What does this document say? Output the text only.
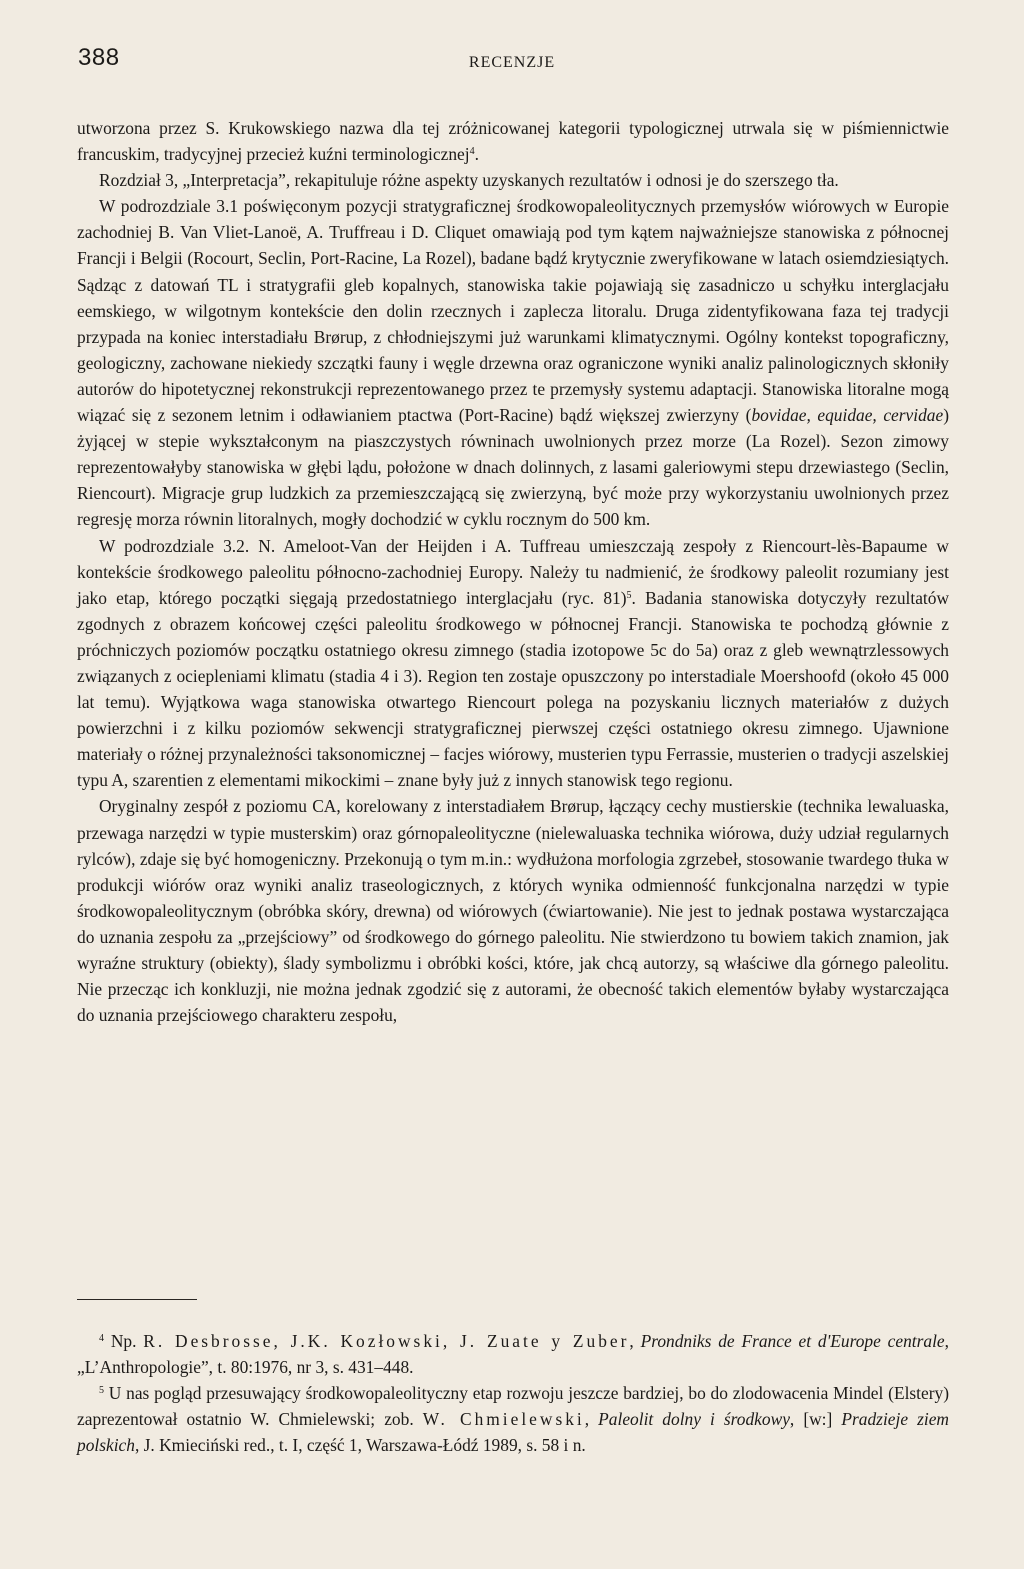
388	RECENZJE

utworzona przez S. Krukowskiego nazwa dla tej zróżnicowanej kategorii typologicznej utrwala się w piśmiennictwie francuskim, tradycyjnej przecież kuźni terminologicznej$^4$.

Rozdział 3, „Interpretacja”, rekapituluje różne aspekty uzyskanych rezultatów i odnosi je do szerszego tła.

W podrozdziale 3.1 poświęconym pozycji stratygraficznej środkowopaleolitycznych przemysłów wiórowych w Europie zachodniej B. Van Vliet-Lanoë, A. Truffreau i D. Cliquet omawiają pod tym kątem najważniejsze stanowiska z północnej Francji i Belgii (Rocourt, Seclin, Port-Racine, La Rozel), badane bądź krytycznie zweryfikowane w latach osiemdziesiątych. Sądząc z datowań TL i stratygrafii gleb kopalnych, stanowiska takie pojawiają się zasadniczo u schyłku interglacjału eemskiego, w wilgotnym kontekście den dolin rzecznych i zaplecza litoralu. Druga zidentyfikowana faza tej tradycji przypada na koniec interstadiału Brørup, z chłodniejszymi już warunkami klimatycznymi. Ogólny kontekst topograficzny, geologiczny, zachowane niekiedy szczątki fauny i węgle drzewna oraz ograniczone wyniki analiz palinologicznych skłoniły autorów do hipotetycznej rekonstrukcji reprezentowanego przez te przemysły systemu adaptacji. Stanowiska litoralne mogą wiązać się z sezonem letnim i odławianiem ptactwa (Port-Racine) bądź większej zwierzyny (bovidae, equidae, cervidae) żyjącej w stepie wykształconym na piaszczystych równinach uwolnionych przez morze (La Rozel). Sezon zimowy reprezentowałyby stanowiska w głębi lądu, położone w dnach dolinnych, z lasami galeriowymi stepu drzewiastego (Seclin, Riencourt). Migracje grup ludzkich za przemieszczającą się zwierzyną, być może przy wykorzystaniu uwolnionych przez regresję morza równin litoralnych, mogły dochodzić w cyklu rocznym do 500 km.

W podrozdziale 3.2. N. Ameloot-Van der Heijden i A. Tuffreau umieszczają zespoły z Riencourt-lès-Bapaume w kontekście środkowego paleolitu północno-zachodniej Europy. Należy tu nadmienić, że środkowy paleolit rozumiany jest jako etap, którego początki sięgają przedostatniego interglacjału (ryc. 81)$^5$. Badania stanowiska dotyczyły rezultatów zgodnych z obrazem końcowej części paleolitu środkowego w północnej Francji. Stanowiska te pochodzą głównie z próchniczych poziomów początku ostatniego okresu zimnego (stadia izotopowe 5c do 5a) oraz z gleb wewnątrzlessowych związanych z ociepleniami klimatu (stadia 4 i 3). Region ten zostaje opuszczony po interstadiale Moershoofd (około 45 000 lat temu). Wyjątkowa waga stanowiska otwartego Riencourt polega na pozyskaniu licznych materiałów z dużych powierzchni i z kilku poziomów sekwencji stratygraficznej pierwszej części ostatniego okresu zimnego. Ujawnione materiały o różnej przynależności taksonomicznej – facjes wiórowy, musterien typu Ferrassie, musterien o tradycji aszelskiej typu A, szarentien z elementami mikockimi – znane były już z innych stanowisk tego regionu.

Oryginalny zespół z poziomu CA, korelowany z interstadiałem Brørup, łączący cechy mustierskie (technika lewaluaska, przewaga narzędzi w typie musterskim) oraz górnopaleolityczne (nielewaluaska technika wiórowa, duży udział regularnych rylców), zdaje się być homogeniczny. Przekonują o tym m.in.: wydłużona morfologia zgrzebeł, stosowanie twardego tłuka w produkcji wiórów oraz wyniki analiz traseologicznych, z których wynika odmienność funkcjonalna narzędzi w typie środkowopaleolitycznym (obróbka skóry, drewna) od wiórowych (ćwiartowanie). Nie jest to jednak postawa wystarczająca do uznania zespołu za „przejściowy” od środkowego do górnego paleolitu. Nie stwierdzono tu bowiem takich znamion, jak wyraźne struktury (obiekty), ślady symbolizmu i obróbki kości, które, jak chcą autorzy, są właściwe dla górnego paleolitu. Nie przecząc ich konkluzji, nie można jednak zgodzić się z autorami, że obecność takich elementów byłaby wystarczająca do uznania przejściowego charakteru zespołu,

$^4$ Np. R. Desbrosse, J.K. Kozłowski, J. Zuate y Zuber, Prondniks de France et d'Europe centrale, „L’Anthropologie”, t. 80:1976, nr 3, s. 431–448.

$^5$ U nas pogląd przesuwający środkowopaleolityczny etap rozwoju jeszcze bardziej, bo do zlodowacenia Mindel (Elstery) zaprezentował ostatnio W. Chmielewski; zob. W. Chmielewski, Paleolit dolny i środkowy, [w:] Pradzieje ziem polskich, J. Kmieciński red., t. I, część 1, Warszawa-Łódź 1989, s. 58 i n.
